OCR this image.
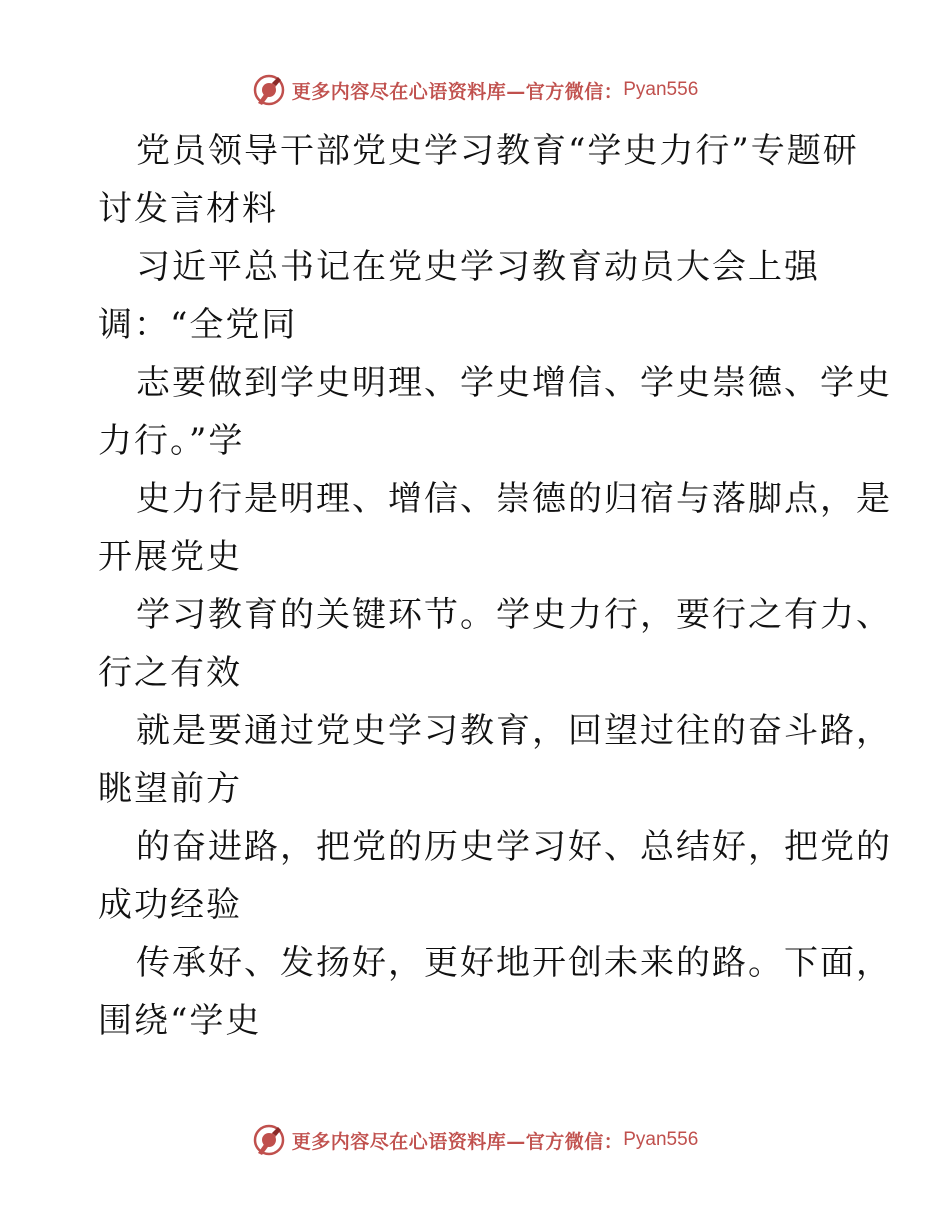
更多内容尽在心语资料库—官方微信： Pyan556
党员领导干部党史学习教育“学史力行”专题研
讨发言材料
习近平总书记在党史学习教育动员大会上强
调：“全党同
志要做到学史明理、学史增信、学史崇德、学史
力行。”学
史力行是明理、增信、崇德的归宿与落脚点，是
开展党史
学习教育的关键环节。学史力行，要行之有力、
行之有效
就是要通过党史学习教育，回望过往的奋斗路，
眺望前方
的奋进路，把党的历史学习好、总结好，把党的
成功经验
传承好、发扬好，更好地开创未来的路。下面，
围绕“学史
更多内容尽在心语资料库—官方微信： Pyan556
